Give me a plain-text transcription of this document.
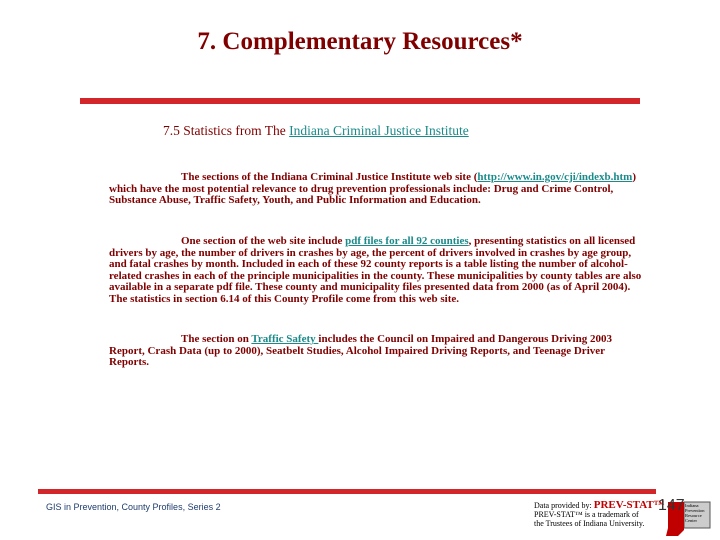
7. Complementary Resources*
7.5 Statistics from The Indiana Criminal Justice Institute
The sections of the Indiana Criminal Justice Institute web site (http://www.in.gov/cji/indexb.htm) which have the most potential relevance to drug prevention professionals include: Drug and Crime Control, Substance Abuse, Traffic Safety, Youth, and Public Information and Education.
One section of the web site include pdf files for all 92 counties, presenting statistics on all licensed drivers by age, the number of drivers in crashes by age, the percent of drivers involved in crashes by age group, and fatal crashes by month. Included in each of these 92 county reports is a table listing the number of alcohol-related crashes in each of the principle municipalities in the county. These municipalities by county tables are also available in a separate pdf file. These county and municipality files presented data from 2000 (as of April 2004). The statistics in section 6.14 of this County Profile come from this web site.
The section on Traffic Safety includes the Council on Impaired and Dangerous Driving 2003 Report, Crash Data (up to 2000), Seatbelt Studies, Alcohol Impaired Driving Reports, and Teenage Driver Reports.
GIS in Prevention, County Profiles, Series 2	Data provided by: PREV-STAT™
PREV-STAT™ is a trademark of
the Trustees of Indiana University.
Indiana Prevention Resource Center
147
